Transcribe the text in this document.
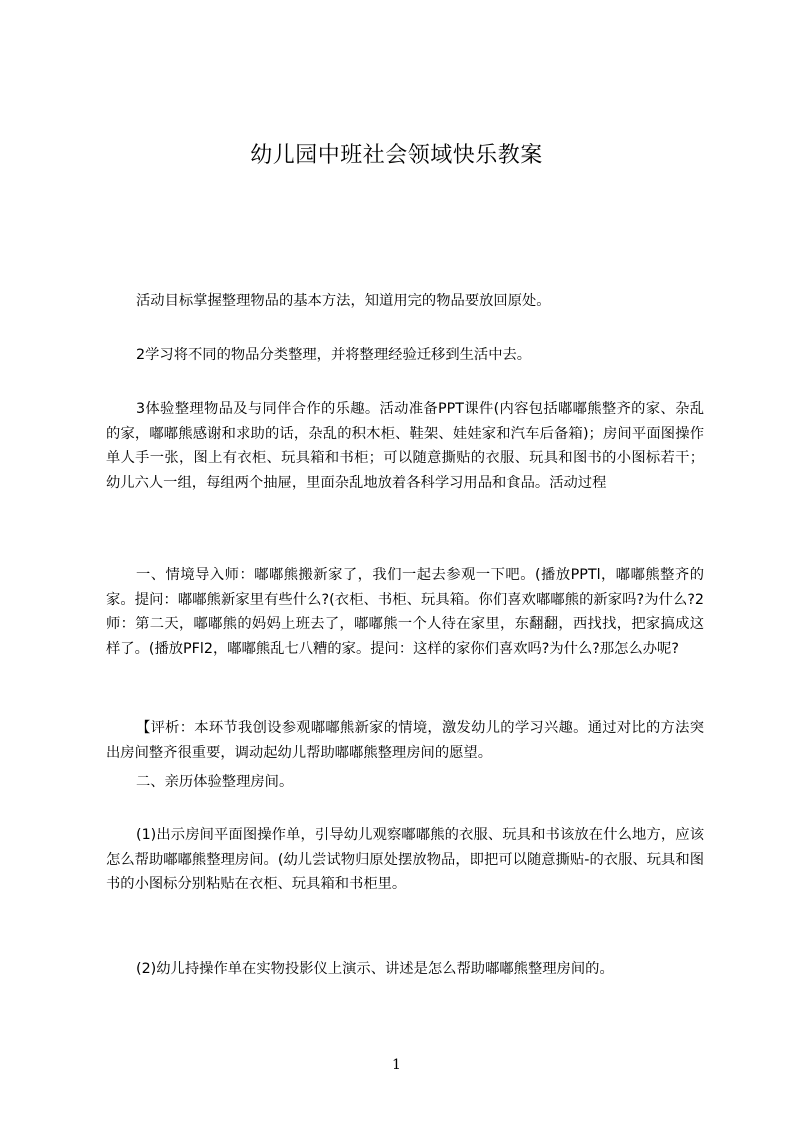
幼儿园中班社会领域快乐教案

活动目标掌握整理物品的基本方法，知道用完的物品要放回原处。

2学习将不同的物品分类整理，并将整理经验迁移到生活中去。

3体验整理物品及与同伴合作的乐趣。活动准备PPT课件(内容包括嘟嘟熊整齐的家、杂乱的家，嘟嘟熊感谢和求助的话，杂乱的积木柜、鞋架、娃娃家和汽车后备箱)；房间平面图操作单人手一张，图上有衣柜、玩具箱和书柜；可以随意撕贴的衣服、玩具和图书的小图标若干；幼儿六人一组，每组两个抽屉，里面杂乱地放着各科学习用品和食品。活动过程

一、情境导入师：嘟嘟熊搬新家了，我们一起去参观一下吧。(播放PPTl，嘟嘟熊整齐的家。提问：嘟嘟熊新家里有些什么?(衣柜、书柜、玩具箱。你们喜欢嘟嘟熊的新家吗?为什么?2师：第二天，嘟嘟熊的妈妈上班去了，嘟嘟熊一个人待在家里，东翻翻，西找找，把家搞成这样了。(播放PFl2，嘟嘟熊乱七八糟的家。提问：这样的家你们喜欢吗?为什么?那怎么办呢?

【评析：本环节我创设参观嘟嘟熊新家的情境，激发幼儿的学习兴趣。通过对比的方法突出房间整齐很重要，调动起幼儿帮助嘟嘟熊整理房间的愿望。

二、亲历体验整理房间。

(1)出示房间平面图操作单，引导幼儿观察嘟嘟熊的衣服、玩具和书该放在什么地方，应该怎么帮助嘟嘟熊整理房间。(幼儿尝试物归原处摆放物品，即把可以随意撕贴-的衣服、玩具和图书的小图标分别粘贴在衣柜、玩具箱和书柜里。

(2)幼儿持操作单在实物投影仪上演示、讲述是怎么帮助嘟嘟熊整理房间的。

1
